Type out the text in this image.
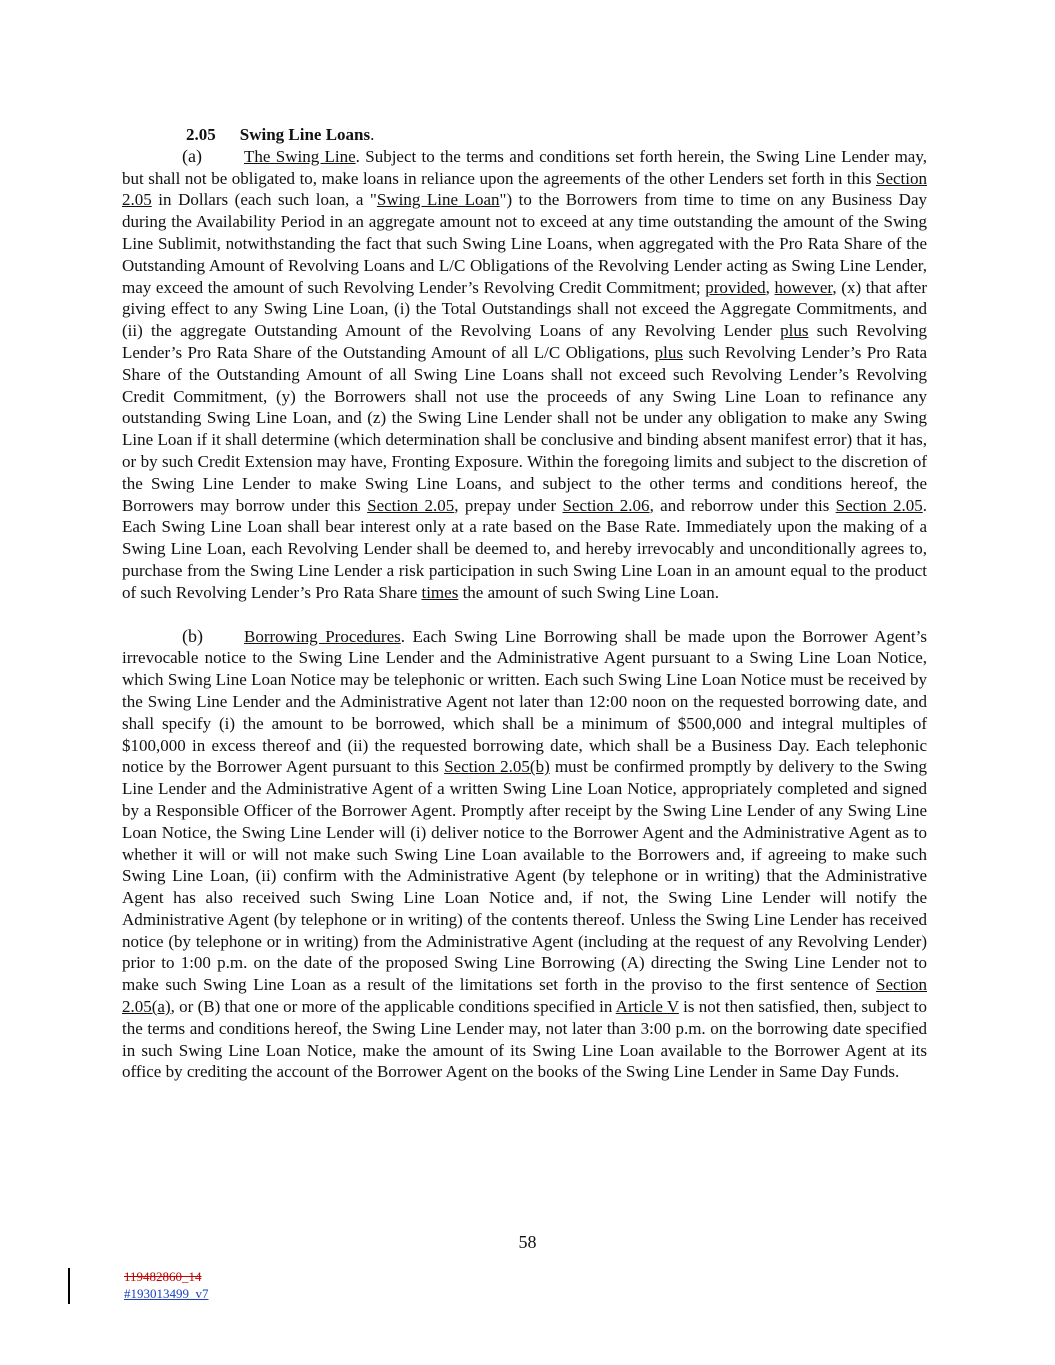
2.05 Swing Line Loans.

(a) The Swing Line. Subject to the terms and conditions set forth herein, the Swing Line Lender may, but shall not be obligated to, make loans in reliance upon the agreements of the other Lenders set forth in this Section 2.05 in Dollars (each such loan, a "Swing Line Loan") to the Borrowers from time to time on any Business Day during the Availability Period in an aggregate amount not to exceed at any time outstanding the amount of the Swing Line Sublimit, notwithstanding the fact that such Swing Line Loans, when aggregated with the Pro Rata Share of the Outstanding Amount of Revolving Loans and L/C Obligations of the Revolving Lender acting as Swing Line Lender, may exceed the amount of such Revolving Lender’s Revolving Credit Commitment; provided, however, (x) that after giving effect to any Swing Line Loan, (i) the Total Outstandings shall not exceed the Aggregate Commitments, and (ii) the aggregate Outstanding Amount of the Revolving Loans of any Revolving Lender plus such Revolving Lender’s Pro Rata Share of the Outstanding Amount of all L/C Obligations, plus such Revolving Lender’s Pro Rata Share of the Outstanding Amount of all Swing Line Loans shall not exceed such Revolving Lender’s Revolving Credit Commitment, (y) the Borrowers shall not use the proceeds of any Swing Line Loan to refinance any outstanding Swing Line Loan, and (z) the Swing Line Lender shall not be under any obligation to make any Swing Line Loan if it shall determine (which determination shall be conclusive and binding absent manifest error) that it has, or by such Credit Extension may have, Fronting Exposure. Within the foregoing limits and subject to the discretion of the Swing Line Lender to make Swing Line Loans, and subject to the other terms and conditions hereof, the Borrowers may borrow under this Section 2.05, prepay under Section 2.06, and reborrow under this Section 2.05. Each Swing Line Loan shall bear interest only at a rate based on the Base Rate. Immediately upon the making of a Swing Line Loan, each Revolving Lender shall be deemed to, and hereby irrevocably and unconditionally agrees to, purchase from the Swing Line Lender a risk participation in such Swing Line Loan in an amount equal to the product of such Revolving Lender’s Pro Rata Share times the amount of such Swing Line Loan.

(b) Borrowing Procedures. Each Swing Line Borrowing shall be made upon the Borrower Agent’s irrevocable notice to the Swing Line Lender and the Administrative Agent pursuant to a Swing Line Loan Notice, which Swing Line Loan Notice may be telephonic or written. Each such Swing Line Loan Notice must be received by the Swing Line Lender and the Administrative Agent not later than 12:00 noon on the requested borrowing date, and shall specify (i) the amount to be borrowed, which shall be a minimum of $500,000 and integral multiples of $100,000 in excess thereof and (ii) the requested borrowing date, which shall be a Business Day. Each telephonic notice by the Borrower Agent pursuant to this Section 2.05(b) must be confirmed promptly by delivery to the Swing Line Lender and the Administrative Agent of a written Swing Line Loan Notice, appropriately completed and signed by a Responsible Officer of the Borrower Agent. Promptly after receipt by the Swing Line Lender of any Swing Line Loan Notice, the Swing Line Lender will (i) deliver notice to the Borrower Agent and the Administrative Agent as to whether it will or will not make such Swing Line Loan available to the Borrowers and, if agreeing to make such Swing Line Loan, (ii) confirm with the Administrative Agent (by telephone or in writing) that the Administrative Agent has also received such Swing Line Loan Notice and, if not, the Swing Line Lender will notify the Administrative Agent (by telephone or in writing) of the contents thereof. Unless the Swing Line Lender has received notice (by telephone or in writing) from the Administrative Agent (including at the request of any Revolving Lender) prior to 1:00 p.m. on the date of the proposed Swing Line Borrowing (A) directing the Swing Line Lender not to make such Swing Line Loan as a result of the limitations set forth in the proviso to the first sentence of Section 2.05(a), or (B) that one or more of the applicable conditions specified in Article V is not then satisfied, then, subject to the terms and conditions hereof, the Swing Line Lender may, not later than 3:00 p.m. on the borrowing date specified in such Swing Line Loan Notice, make the amount of its Swing Line Loan available to the Borrower Agent at its office by crediting the account of the Borrower Agent on the books of the Swing Line Lender in Same Day Funds.

58
119482860_14
#193013499_v7
